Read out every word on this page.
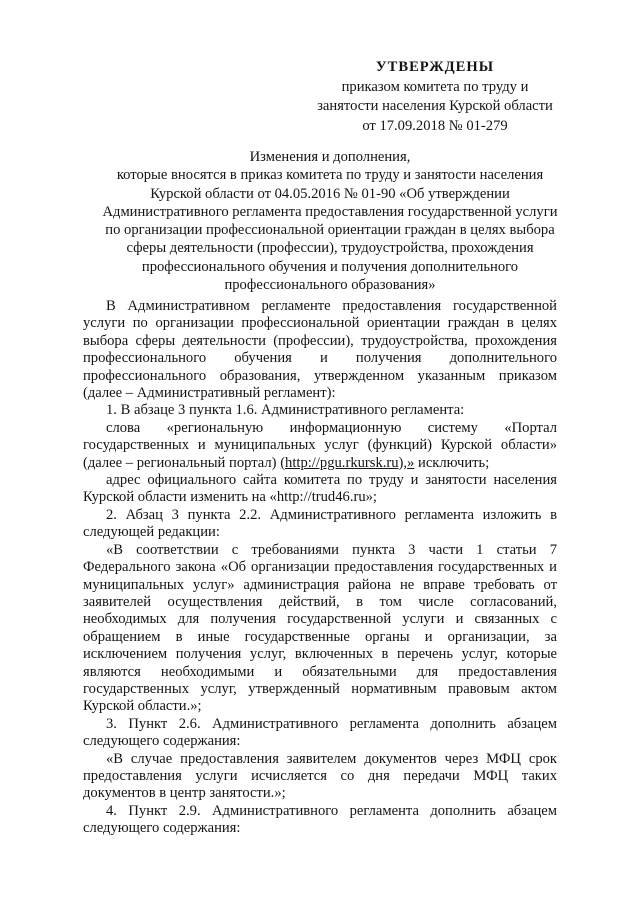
УТВЕРЖДЕНЫ
приказом комитета по труду и
занятости населения Курской области
от 17.09.2018 № 01-279
Изменения и дополнения,
которые вносятся в приказ комитета по труду и занятости населения
Курской области от 04.05.2016 № 01-90 «Об утверждении
Административного регламента предоставления государственной услуги
по организации профессиональной ориентации граждан в целях выбора
сферы деятельности (профессии), трудоустройства, прохождения
профессионального обучения и получения дополнительного
профессионального образования»

В Административном регламенте предоставления государственной услуги по организации профессиональной ориентации граждан в целях выбора сферы деятельности (профессии), трудоустройства, прохождения профессионального обучения и получения дополнительного профессионального образования, утвержденном указанным приказом (далее – Административный регламент):

1. В абзаце 3 пункта 1.6. Административного регламента:

слова «региональную информационную систему «Портал государственных и муниципальных услуг (функций) Курской области» (далее – региональный портал) (http://pgu.rkursk.ru),» исключить;

адрес официального сайта комитета по труду и занятости населения Курской области изменить на «http://trud46.ru»;

2. Абзац 3 пункта 2.2. Административного регламента изложить в следующей редакции:

«В соответствии с требованиями пункта 3 части 1 статьи 7 Федерального закона «Об организации предоставления государственных и муниципальных услуг» администрация района не вправе требовать от заявителей осуществления действий, в том числе согласований, необходимых для получения государственной услуги и связанных с обращением в иные государственные органы и организации, за исключением получения услуг, включенных в перечень услуг, которые являются необходимыми и обязательными для предоставления государственных услуг, утвержденный нормативным правовым актом Курской области.»;

3. Пункт 2.6. Административного регламента дополнить абзацем следующего содержания:

«В случае предоставления заявителем документов через МФЦ срок предоставления услуги исчисляется со дня передачи МФЦ таких документов в центр занятости.»;

4. Пункт 2.9. Административного регламента дополнить абзацем следующего содержания:
